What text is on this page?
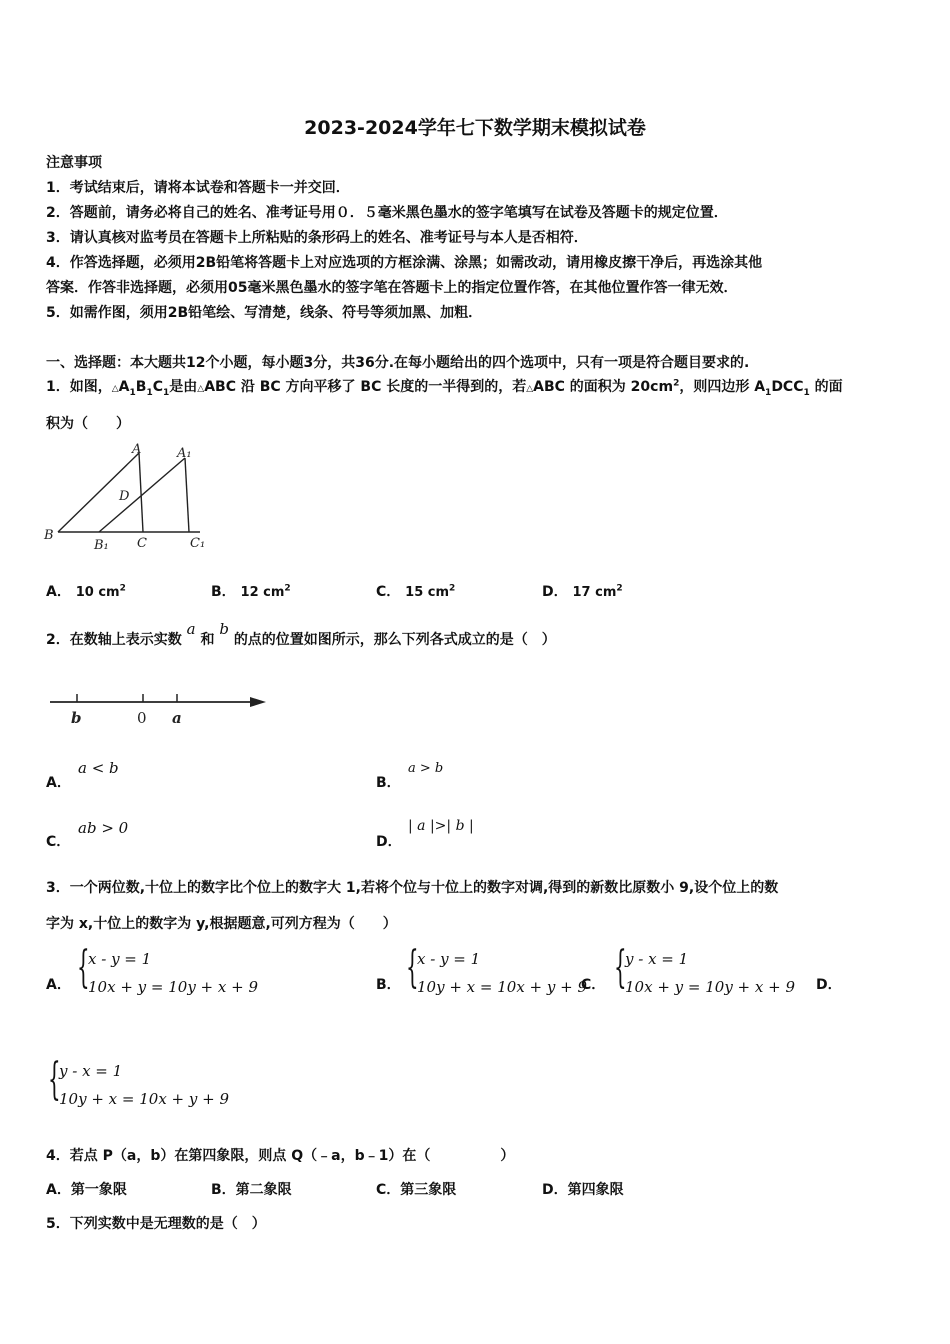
2023-2024学年七下数学期末模拟试卷
注意事项
1．考试结束后，请将本试卷和答题卡一并交回．
2．答题前，请务必将自己的姓名、准考证号用０．５毫米黑色墨水的签字笔填写在试卷及答题卡的规定位置．
3．请认真核对监考员在答题卡上所粘贴的条形码上的姓名、准考证号与本人是否相符．
4．作答选择题，必须用2B铅笔将答题卡上对应选项的方框涂满、涂黑；如需改动，请用橡皮擦干净后，再选涂其他
答案．作答非选择题，必须用05毫米黑色墨水的签字笔在答题卡上的指定位置作答，在其他位置作答一律无效．
5．如需作图，须用2B铅笔绘、写清楚，线条、符号等须加黑、加粗．
一、选择题：本大题共12个小题，每小题3分，共36分.在每小题给出的四个选项中，只有一项是符合题目要求的.
1．如图，$\triangle A_1B_1C_1$是由△ABC 沿 BC 方向平移了 BC 长度的一半得到的，若△ABC 的面积为 $20cm^2$，则四边形 $A_1DCC_1$ 的面
积为（　　）
A	A₁
D
B
B₁ C	C₁
A． 10 $cm^2$	B． 12 $cm^2$	C． 15 $cm^2$	D． 17 $cm^2$
2．在数轴上表示实数 a 和 b 的点的位置如图所示，那么下列各式成立的是（　）
b	0 a
A．
a < b
B．
a > b
C．
ab > 0
D．
| a |>| b |
3．一个两位数,十位上的数字比个位上的数字大 1,若将个位与十位上的数字对调,得到的新数比原数小 9,设个位上的数
字为 x,十位上的数字为 y,根据题意,可列方程为（　　）
A． {
x - y = 1
10x + y = 10y + x + 9	B． {
x - y = 1
10y + x = 10x + y + 9
C． {
y - x = 1
10x + y = 10y + x + 9 D．
{
y - x = 1
10y + x = 10x + y + 9
4．若点 P（a，b）在第四象限，则点 Q（﹣a，b﹣1）在（　　　　　）
A．第一象限	B．第二象限	C．第三象限	D．第四象限
5．下列实数中是无理数的是（　）
